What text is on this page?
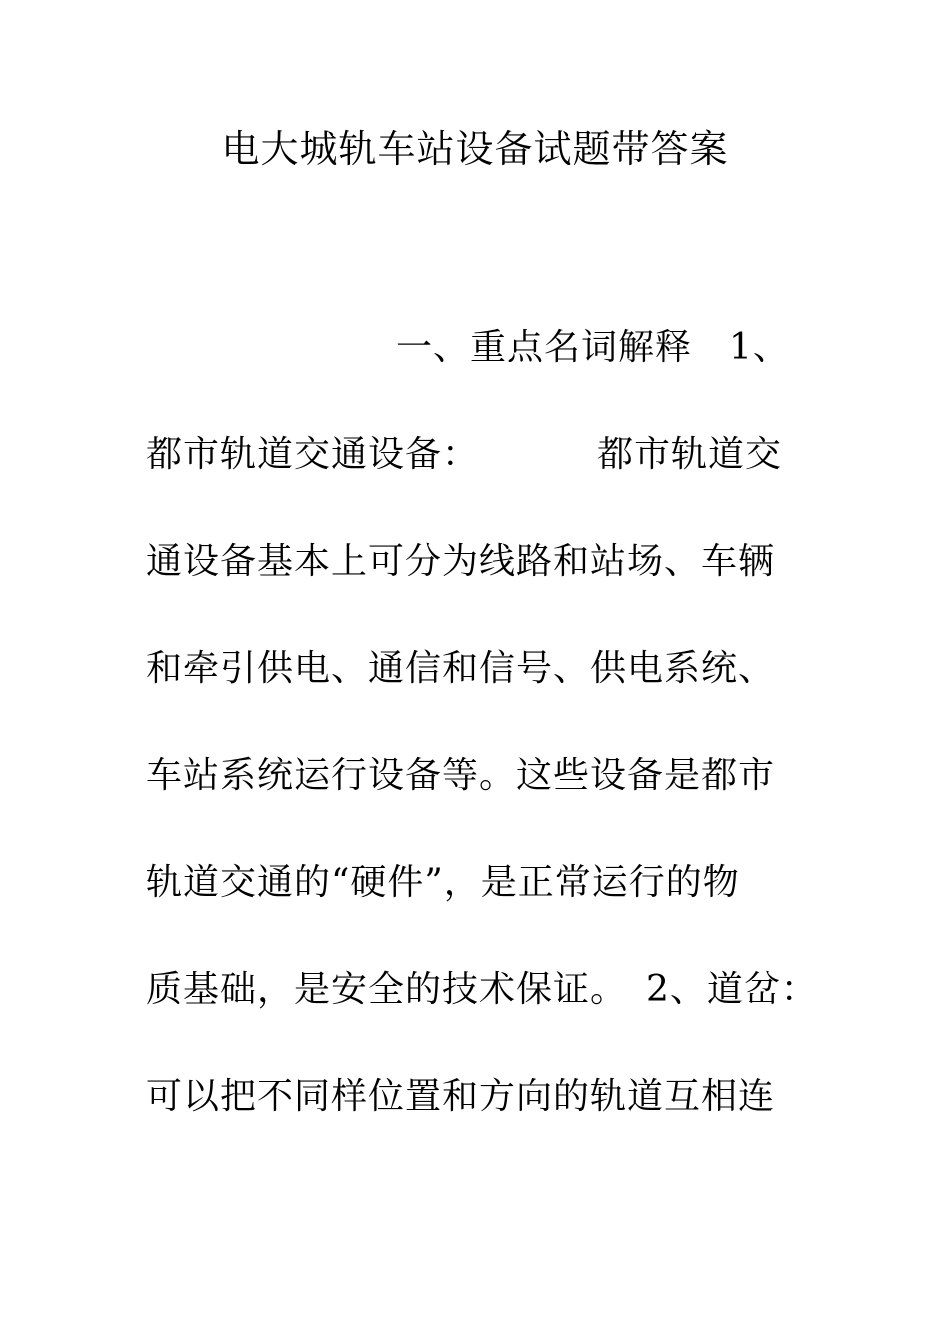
电大城轨车站设备试题带答案
一、重点名词解释　1、
都市轨道交通设备：	都市轨道交
通设备基本上可分为线路和站场、车辆
和牵引供电、通信和信号、供电系统、
车站系统运行设备等。这些设备是都市
轨道交通的“硬件”，是正常运行的物
质基础，是安全的技术保证。　2、道岔：
可以把不同样位置和方向的轨道互相连
